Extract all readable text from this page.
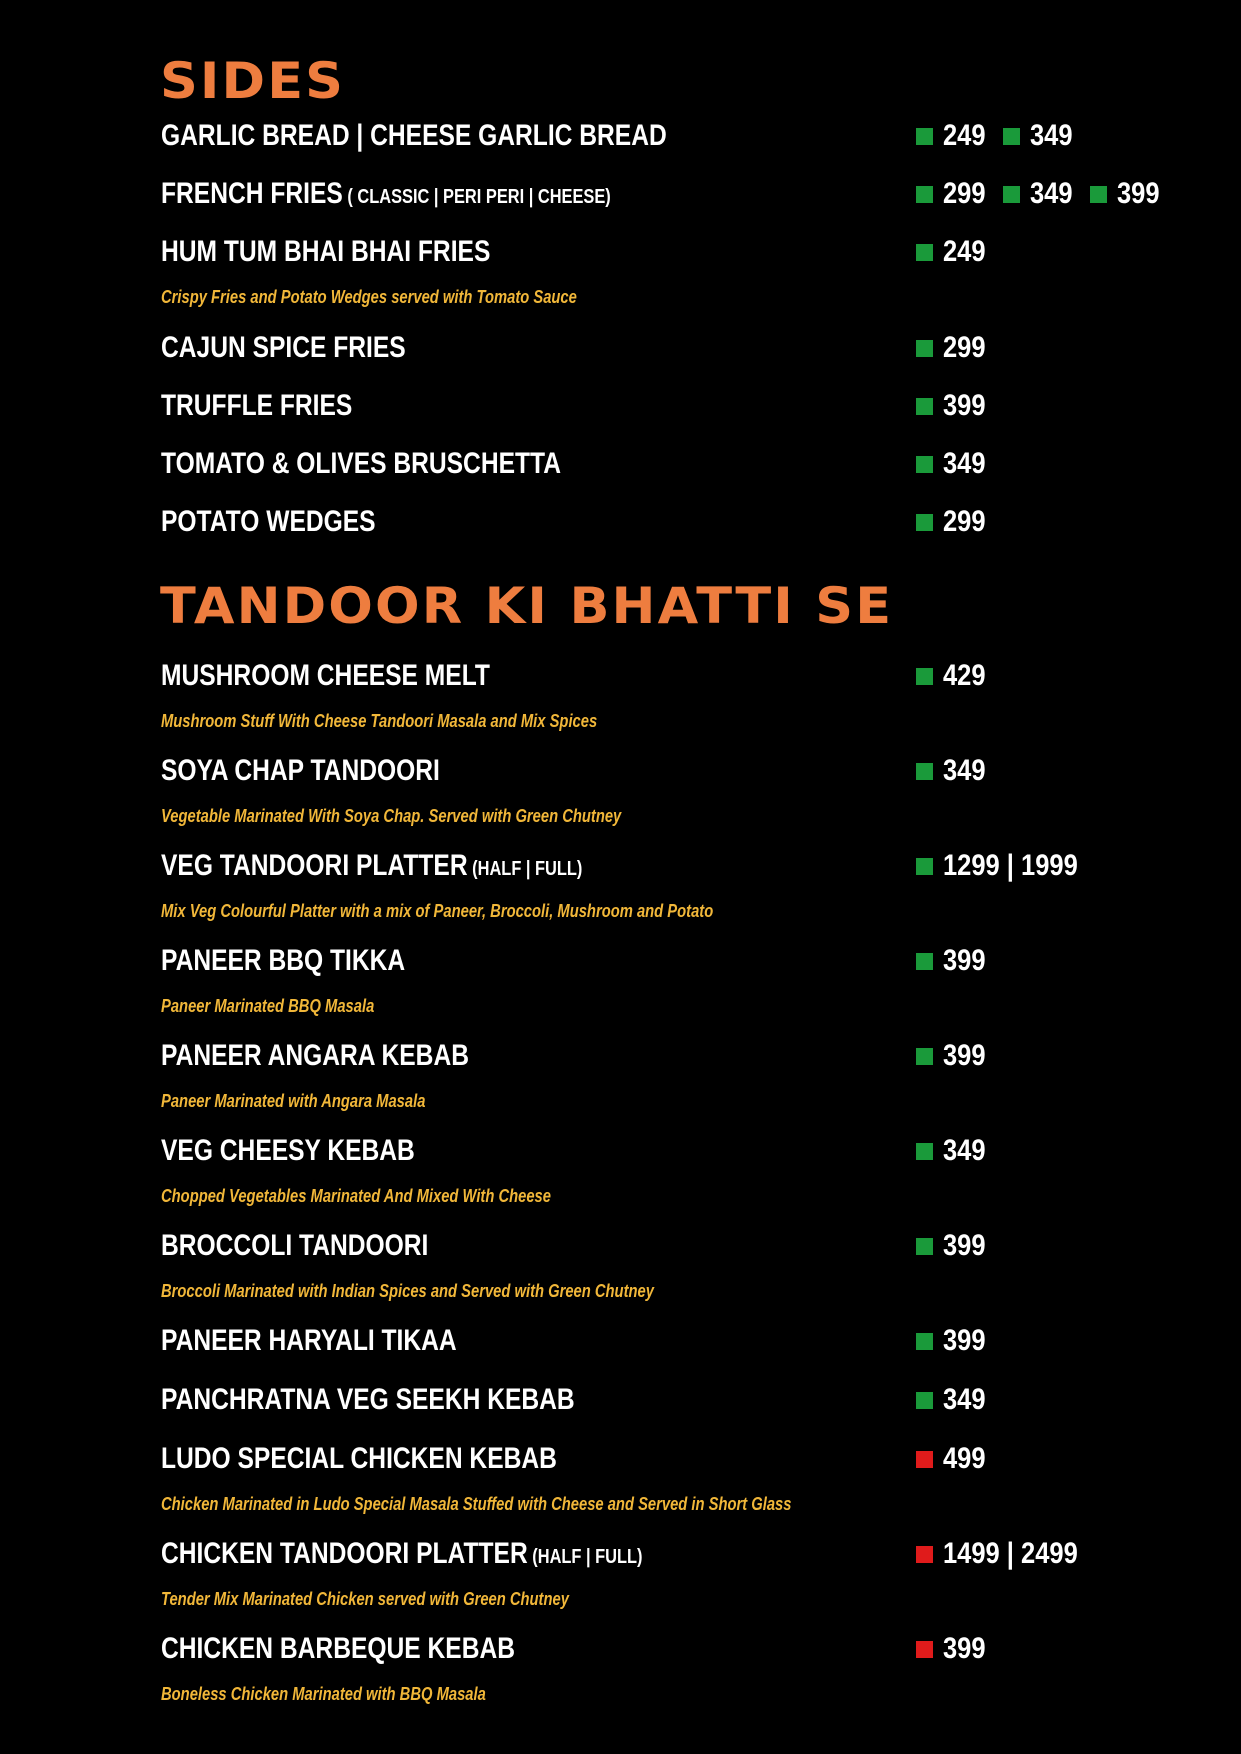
SIDES
GARLIC BREAD | CHEESE GARLIC BREAD	249 349
FRENCH FRIES ( CLASSIC | PERI PERI | CHEESE)	299 349 399
HUM TUM BHAI BHAI FRIES	249
CAJUN SPICE FRIES	299
TRUFFLE FRIES	399
TOMATO & OLIVES BRUSCHETTA	349
POTATO WEDGES	299
Crispy Fries and Potato Wedges served with Tomato Sauce
TANDOOR KI BHATTI SE
MUSHROOM CHEESE MELT	429
SOYA CHAP TANDOORI	349
VEG TANDOORI PLATTER (HALF | FULL)	1299 | 1999
PANEER BBQ TIKKA	399
PANEER ANGARA KEBAB	399
VEG CHEESY KEBAB	349
BROCCOLI TANDOORI	399
PANEER HARYALI TIKAA	399
PANCHRATNA VEG SEEKH KEBAB	349
LUDO SPECIAL CHICKEN KEBAB	499
CHICKEN TANDOORI PLATTER (HALF | FULL)	1499 | 2499
CHICKEN BARBEQUE KEBAB	399
Mushroom Stuff With Cheese Tandoori Masala and Mix Spices
Vegetable Marinated With Soya Chap. Served with Green Chutney
Mix Veg Colourful Platter with a mix of Paneer, Broccoli, Mushroom and Potato
Paneer Marinated BBQ Masala
Paneer Marinated with Angara Masala
Chopped Vegetables Marinated And Mixed With Cheese
Broccoli Marinated with Indian Spices and Served with Green Chutney
Chicken Marinated in Ludo Special Masala Stuffed with Cheese and Served in Short Glass
Tender Mix Marinated Chicken served with Green Chutney
Boneless Chicken Marinated with BBQ Masala
